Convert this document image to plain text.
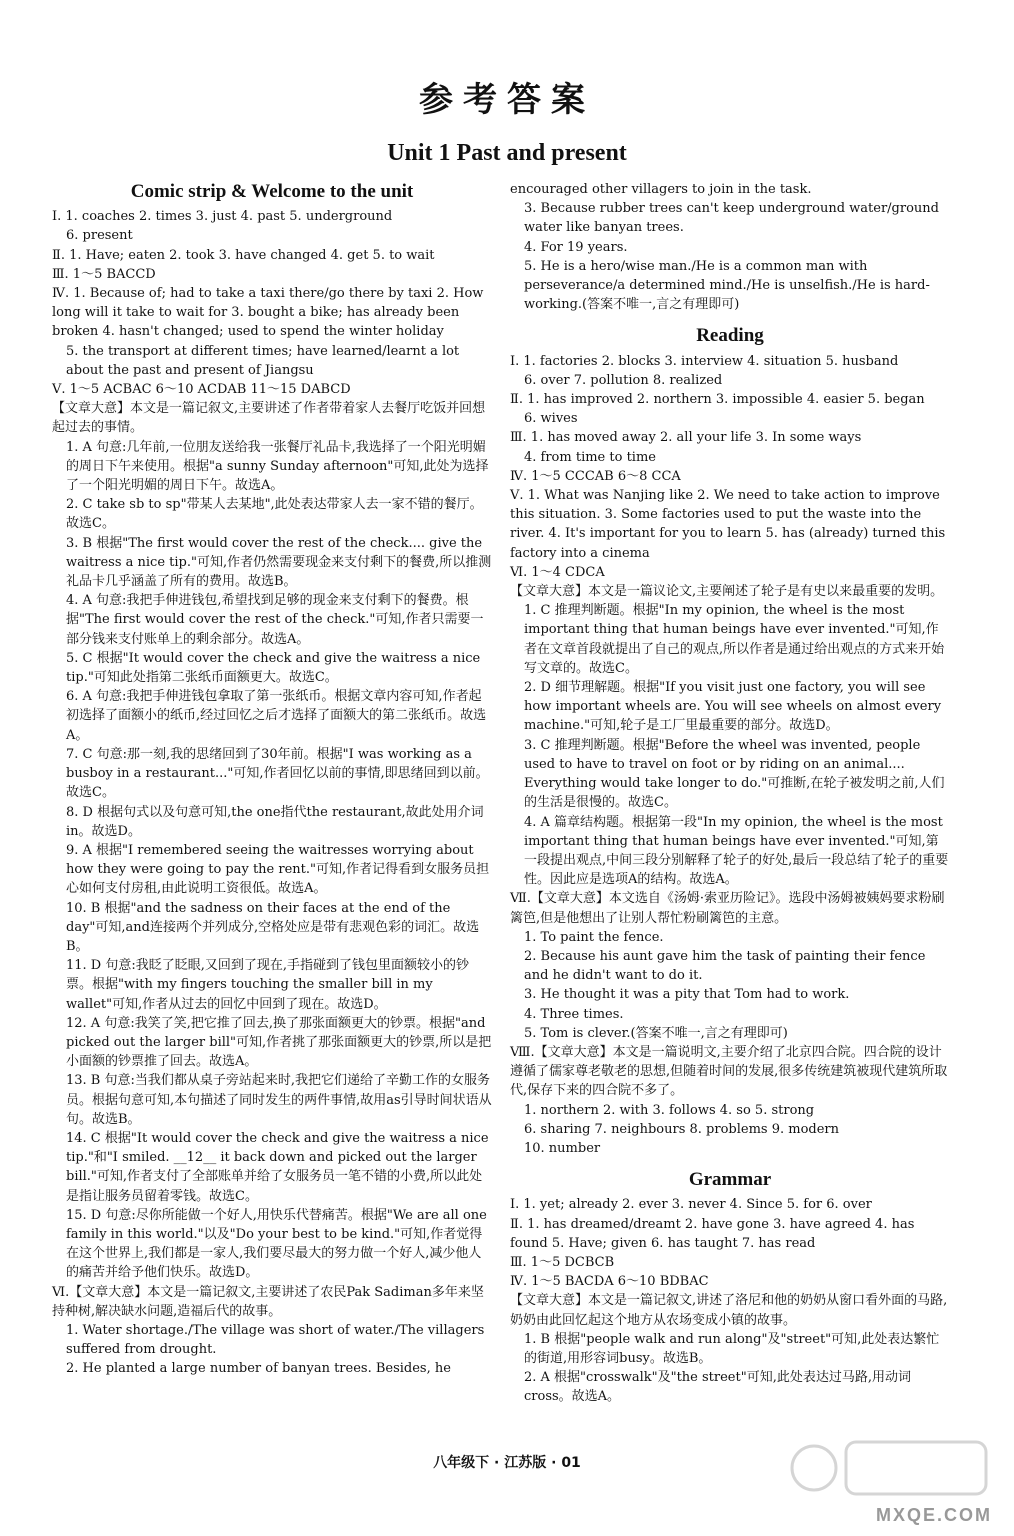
参考答案
Unit 1 Past and present
Comic strip & Welcome to the unit

Ⅰ. 1. coaches 2. times 3. just 4. past 5. underground

6. present

Ⅱ. 1. Have; eaten 2. took 3. have changed 4. get 5. to wait

Ⅲ. 1～5 BACCD

Ⅳ. 1. Because of; had to take a taxi there/go there by taxi 2. How long will it take to wait for 3. bought a bike; has already been broken 4. hasn't changed; used to spend the winter holiday

5. the transport at different times; have learned/learnt a lot about the past and present of Jiangsu

Ⅴ. 1～5 ACBAC 6～10 ACDAB 11～15 DABCD

【文章大意】本文是一篇记叙文,主要讲述了作者带着家人去餐厅吃饭并回想起过去的事情。

1. A 句意:几年前,一位朋友送给我一张餐厅礼品卡,我选择了一个阳光明媚的周日下午来使用。根据"a sunny Sunday afternoon"可知,此处为选择了一个阳光明媚的周日下午。故选A。

2. C take sb to sp"带某人去某地",此处表达带家人去一家不错的餐厅。故选C。

3. B 根据"The first would cover the rest of the check.... give the waitress a nice tip."可知,作者仍然需要现金来支付剩下的餐费,所以推测礼品卡几乎涵盖了所有的费用。故选B。

4. A 句意:我把手伸进钱包,希望找到足够的现金来支付剩下的餐费。根据"The first would cover the rest of the check."可知,作者只需要一部分钱来支付账单上的剩余部分。故选A。

5. C 根据"It would cover the check and give the waitress a nice tip."可知此处指第二张纸币面额更大。故选C。

6. A 句意:我把手伸进钱包拿取了第一张纸币。根据文章内容可知,作者起初选择了面额小的纸币,经过回忆之后才选择了面额大的第二张纸币。故选A。

7. C 句意:那一刻,我的思绪回到了30年前。根据"I was working as a busboy in a restaurant..."可知,作者回忆以前的事情,即思绪回到以前。故选C。

8. D 根据句式以及句意可知,the one指代the restaurant,故此处用介词in。故选D。

9. A 根据"I remembered seeing the waitresses worrying about how they were going to pay the rent."可知,作者记得看到女服务员担心如何支付房租,由此说明工资很低。故选A。

10. B 根据"and the sadness on their faces at the end of the day"可知,and连接两个并列成分,空格处应是带有悲观色彩的词汇。故选B。

11. D 句意:我眨了眨眼,又回到了现在,手指碰到了钱包里面额较小的钞票。根据"with my fingers touching the smaller bill in my wallet"可知,作者从过去的回忆中回到了现在。故选D。

12. A 句意:我笑了笑,把它推了回去,换了那张面额更大的钞票。根据"and picked out the larger bill"可知,作者挑了那张面额更大的钞票,所以是把小面额的钞票推了回去。故选A。

13. B 句意:当我们都从桌子旁站起来时,我把它们递给了辛勤工作的女服务员。根据句意可知,本句描述了同时发生的两件事情,故用as引导时间状语从句。故选B。

14. C 根据"It would cover the check and give the waitress a nice tip."和"I smiled. __12__ it back down and picked out the larger bill."可知,作者支付了全部账单并给了女服务员一笔不错的小费,所以此处是指让服务员留着零钱。故选C。

15. D 句意:尽你所能做一个好人,用快乐代替痛苦。根据"We are all one family in this world."以及"Do your best to be kind."可知,作者觉得在这个世界上,我们都是一家人,我们要尽最大的努力做一个好人,减少他人的痛苦并给予他们快乐。故选D。

Ⅵ.【文章大意】本文是一篇记叙文,主要讲述了农民Pak Sadiman多年来坚持种树,解决缺水问题,造福后代的故事。

1. Water shortage./The village was short of water./The villagers suffered from drought.

2. He planted a large number of banyan trees. Besides, he

encouraged other villagers to join in the task.

3. Because rubber trees can't keep underground water/ground water like banyan trees.

4. For 19 years.

5. He is a hero/wise man./He is a common man with perseverance/a determined mind./He is unselfish./He is hard-working.(答案不唯一,言之有理即可)

Reading

Ⅰ. 1. factories 2. blocks 3. interview 4. situation 5. husband

6. over 7. pollution 8. realized

Ⅱ. 1. has improved 2. northern 3. impossible 4. easier 5. began

6. wives

Ⅲ. 1. has moved away 2. all your life 3. In some ways

4. from time to time

Ⅳ. 1～5 CCCAB 6～8 CCA

Ⅴ. 1. What was Nanjing like 2. We need to take action to improve this situation. 3. Some factories used to put the waste into the river. 4. It's important for you to learn 5. has (already) turned this factory into a cinema

Ⅵ. 1～4 CDCA

【文章大意】本文是一篇议论文,主要阐述了轮子是有史以来最重要的发明。

1. C 推理判断题。根据"In my opinion, the wheel is the most important thing that human beings have ever invented."可知,作者在文章首段就提出了自己的观点,所以作者是通过给出观点的方式来开始写文章的。故选C。

2. D 细节理解题。根据"If you visit just one factory, you will see how important wheels are. You will see wheels on almost every machine."可知,轮子是工厂里最重要的部分。故选D。

3. C 推理判断题。根据"Before the wheel was invented, people used to have to travel on foot or by riding on an animal.... Everything would take longer to do."可推断,在轮子被发明之前,人们的生活是很慢的。故选C。

4. A 篇章结构题。根据第一段"In my opinion, the wheel is the most important thing that human beings have ever invented."可知,第一段提出观点,中间三段分别解释了轮子的好处,最后一段总结了轮子的重要性。因此应是选项A的结构。故选A。

Ⅶ.【文章大意】本文选自《汤姆·索亚历险记》。选段中汤姆被姨妈要求粉刷篱笆,但是他想出了让别人帮忙粉刷篱笆的主意。

1. To paint the fence.

2. Because his aunt gave him the task of painting their fence and he didn't want to do it.

3. He thought it was a pity that Tom had to work.

4. Three times.

5. Tom is clever.(答案不唯一,言之有理即可)

Ⅷ.【文章大意】本文是一篇说明文,主要介绍了北京四合院。四合院的设计遵循了儒家尊老敬老的思想,但随着时间的发展,很多传统建筑被现代建筑所取代,保存下来的四合院不多了。

1. northern 2. with 3. follows 4. so 5. strong

6. sharing 7. neighbours 8. problems 9. modern

10. number

Grammar

Ⅰ. 1. yet; already 2. ever 3. never 4. Since 5. for 6. over

Ⅱ. 1. has dreamed/dreamt 2. have gone 3. have agreed 4. has found 5. Have; given 6. has taught 7. has read

Ⅲ. 1～5 DCBCB

Ⅳ. 1～5 BACDA 6～10 BDBAC

【文章大意】本文是一篇记叙文,讲述了洛尼和他的奶奶从窗口看外面的马路,奶奶由此回忆起这个地方从农场变成小镇的故事。

1. B 根据"people walk and run along"及"street"可知,此处表达繁忙的街道,用形容词busy。故选B。

2. A 根据"crosswalk"及"the street"可知,此处表达过马路,用动词cross。故选A。

八年级下 · 江苏版 · 01
MXQE.COM
